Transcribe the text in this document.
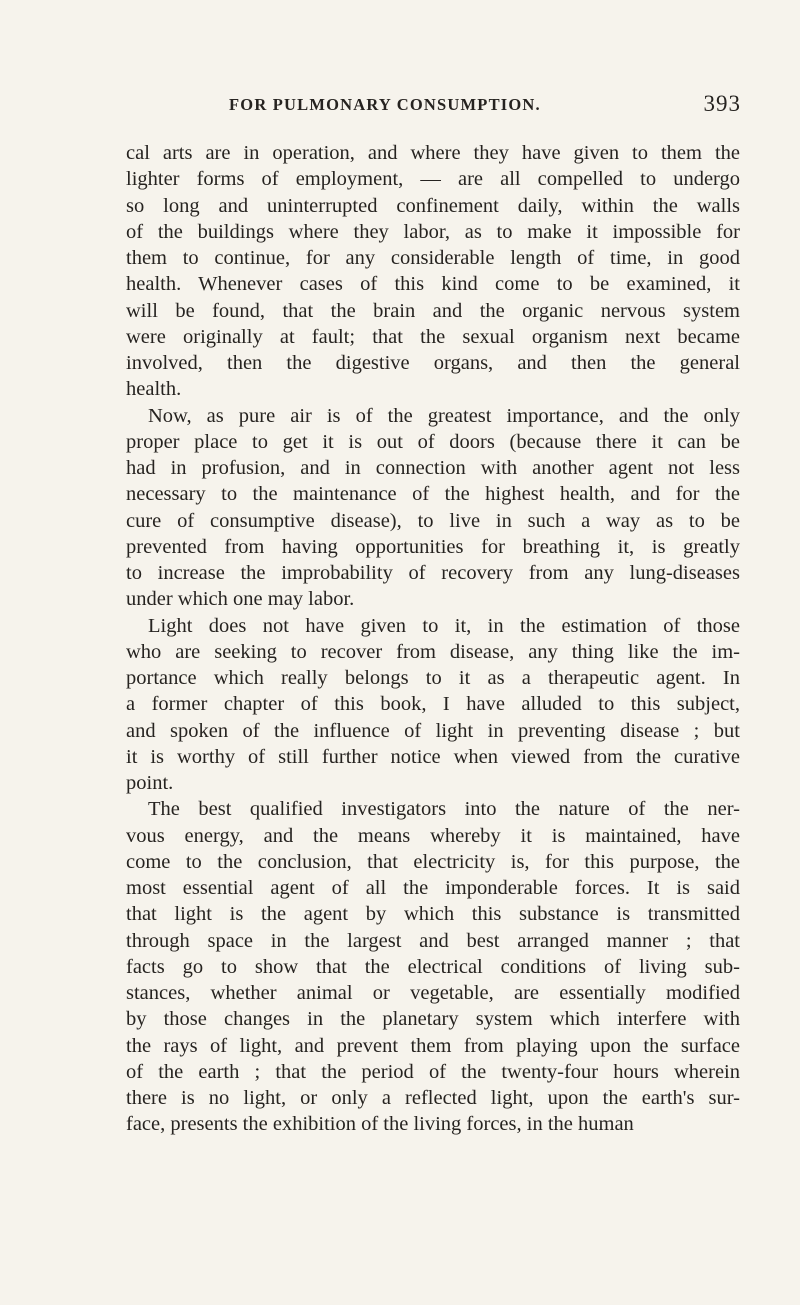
FOR PULMONARY CONSUMPTION.	393
cal arts are in operation, and where they have given to them the
lighter forms of employment, — are all compelled to undergo
so long and uninterrupted confinement daily, within the walls
of the buildings where they labor, as to make it impossible for
them to continue, for any considerable length of time, in good
health. Whenever cases of this kind come to be examined, it
will be found, that the brain and the organic nervous system
were originally at fault; that the sexual organism next became
involved, then the digestive organs, and then the general
health.
Now, as pure air is of the greatest importance, and the only
proper place to get it is out of doors (because there it can be
had in profusion, and in connection with another agent not less
necessary to the maintenance of the highest health, and for the
cure of consumptive disease), to live in such a way as to be
prevented from having opportunities for breathing it, is greatly
to increase the improbability of recovery from any lung-diseases
under which one may labor.
Light does not have given to it, in the estimation of those
who are seeking to recover from disease, any thing like the im-
portance which really belongs to it as a therapeutic agent. In
a former chapter of this book, I have alluded to this subject,
and spoken of the influence of light in preventing disease ; but
it is worthy of still further notice when viewed from the curative
point.
The best qualified investigators into the nature of the ner-
vous energy, and the means whereby it is maintained, have
come to the conclusion, that electricity is, for this purpose, the
most essential agent of all the imponderable forces. It is said
that light is the agent by which this substance is transmitted
through space in the largest and best arranged manner ; that
facts go to show that the electrical conditions of living sub-
stances, whether animal or vegetable, are essentially modified
by those changes in the planetary system which interfere with
the rays of light, and prevent them from playing upon the surface
of the earth ; that the period of the twenty-four hours wherein
there is no light, or only a reflected light, upon the earth's sur-
face, presents the exhibition of the living forces, in the human
